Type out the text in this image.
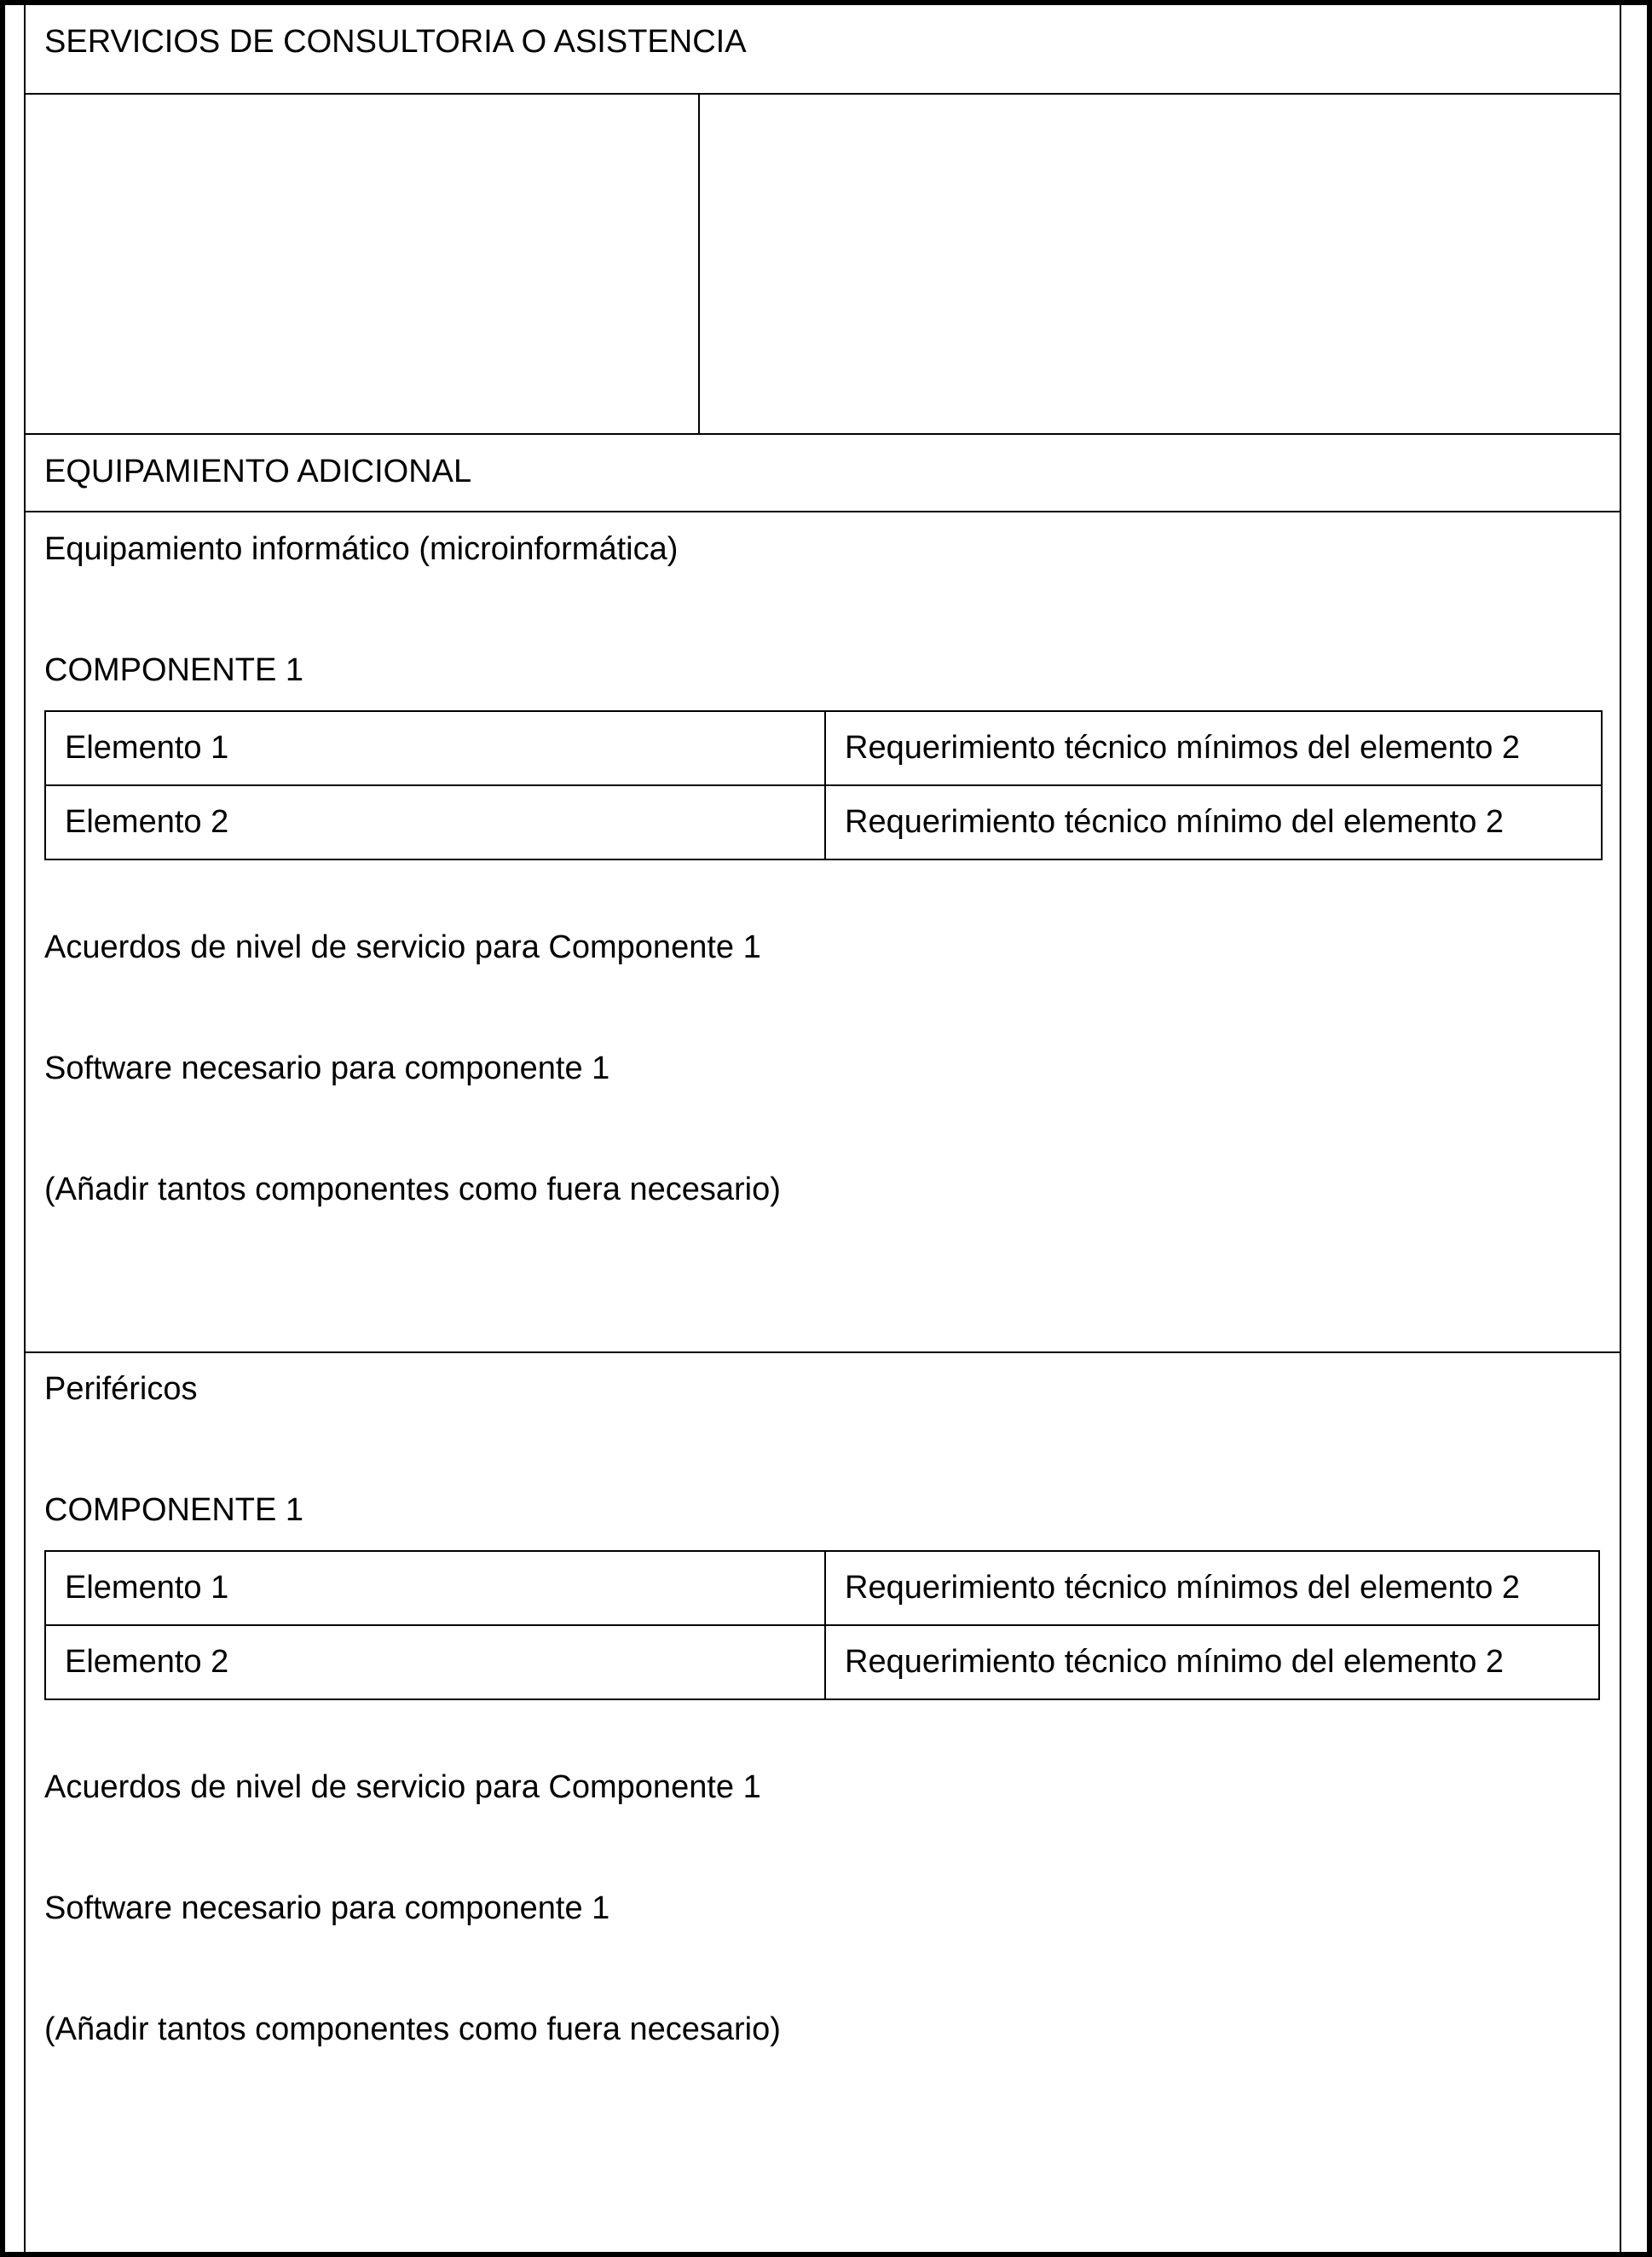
SERVICIOS DE CONSULTORIA O ASISTENCIA
EQUIPAMIENTO ADICIONAL
Equipamiento informático (microinformática)
COMPONENTE 1
Elemento 1	Requerimiento técnico mínimos del elemento 2
Elemento 2	Requerimiento técnico mínimo del elemento 2
Acuerdos de nivel de servicio para Componente 1
Software necesario para componente 1
(Añadir tantos componentes como fuera necesario)
Periféricos
COMPONENTE 1
Elemento 1	Requerimiento técnico mínimos del elemento 2
Elemento 2	Requerimiento técnico mínimo del elemento 2
Acuerdos de nivel de servicio para Componente 1
Software necesario para componente 1
(Añadir tantos componentes como fuera necesario)
